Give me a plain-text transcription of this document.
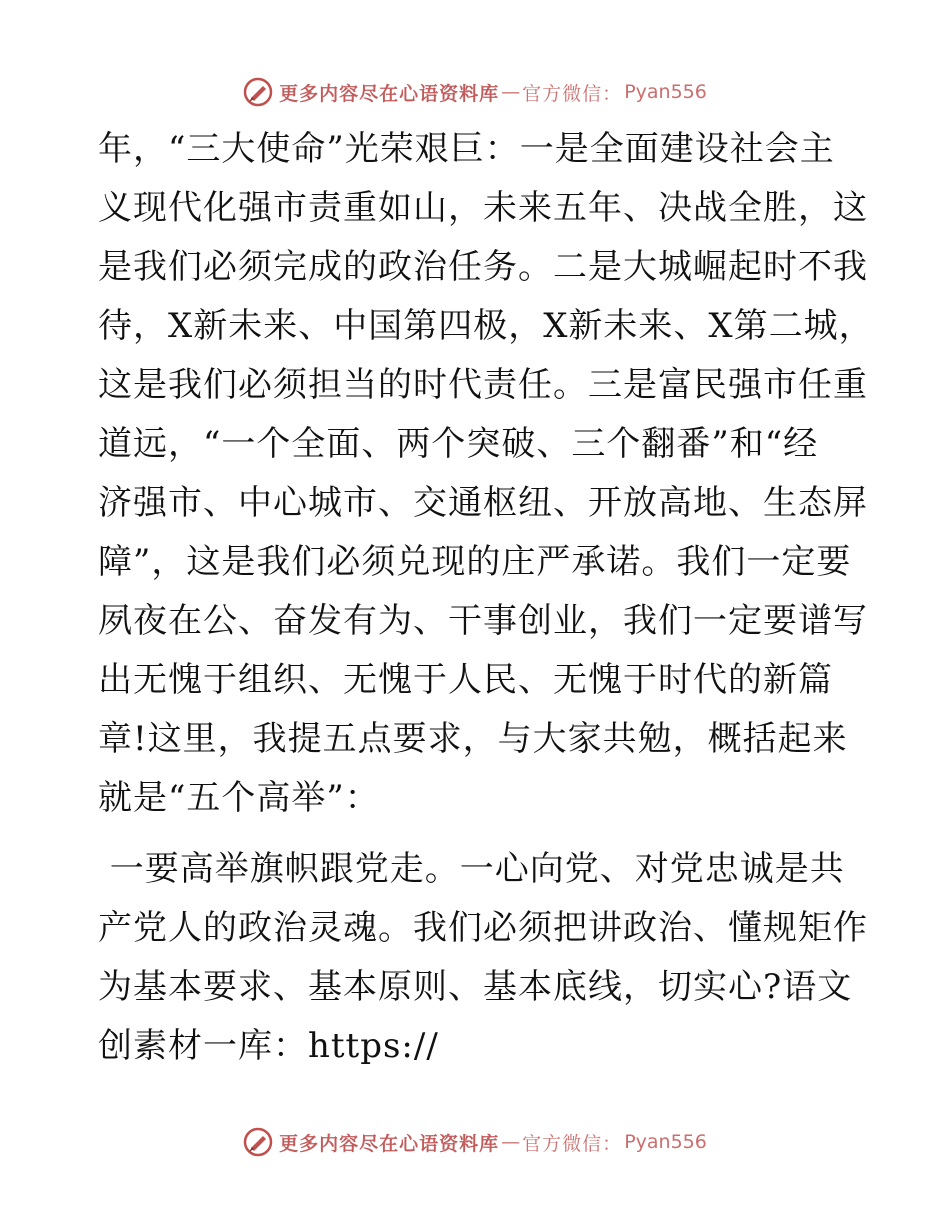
更多内容尽在心语资料库 — 官方微信： Pyan556

年，“三大使命”光荣艰巨：一是全面建设社会主
义现代化强市责重如山，未来五年、决战全胜，这
是我们必须完成的政治任务。二是大城崛起时不我
待，X新未来、中国第四极，X新未来、X第二城，
这是我们必须担当的时代责任。三是富民强市任重
道远，“一个全面、两个突破、三个翻番”和“经
济强市、中心城市、交通枢纽、开放高地、生态屏
障”，这是我们必须兑现的庄严承诺。我们一定要
夙夜在公、奋发有为、干事创业，我们一定要谱写
出无愧于组织、无愧于人民、无愧于时代的新篇
章!这里，我提五点要求，与大家共勉，概括起来
就是“五个高举”：

一要高举旗帜跟党走。一心向党、对党忠诚是共
产党人的政治灵魂。我们必须把讲政治、懂规矩作
为基本要求、基本原则、基本底线，切实心?语文
创素材一库：https://

更多内容尽在心语资料库 — 官方微信： Pyan556
